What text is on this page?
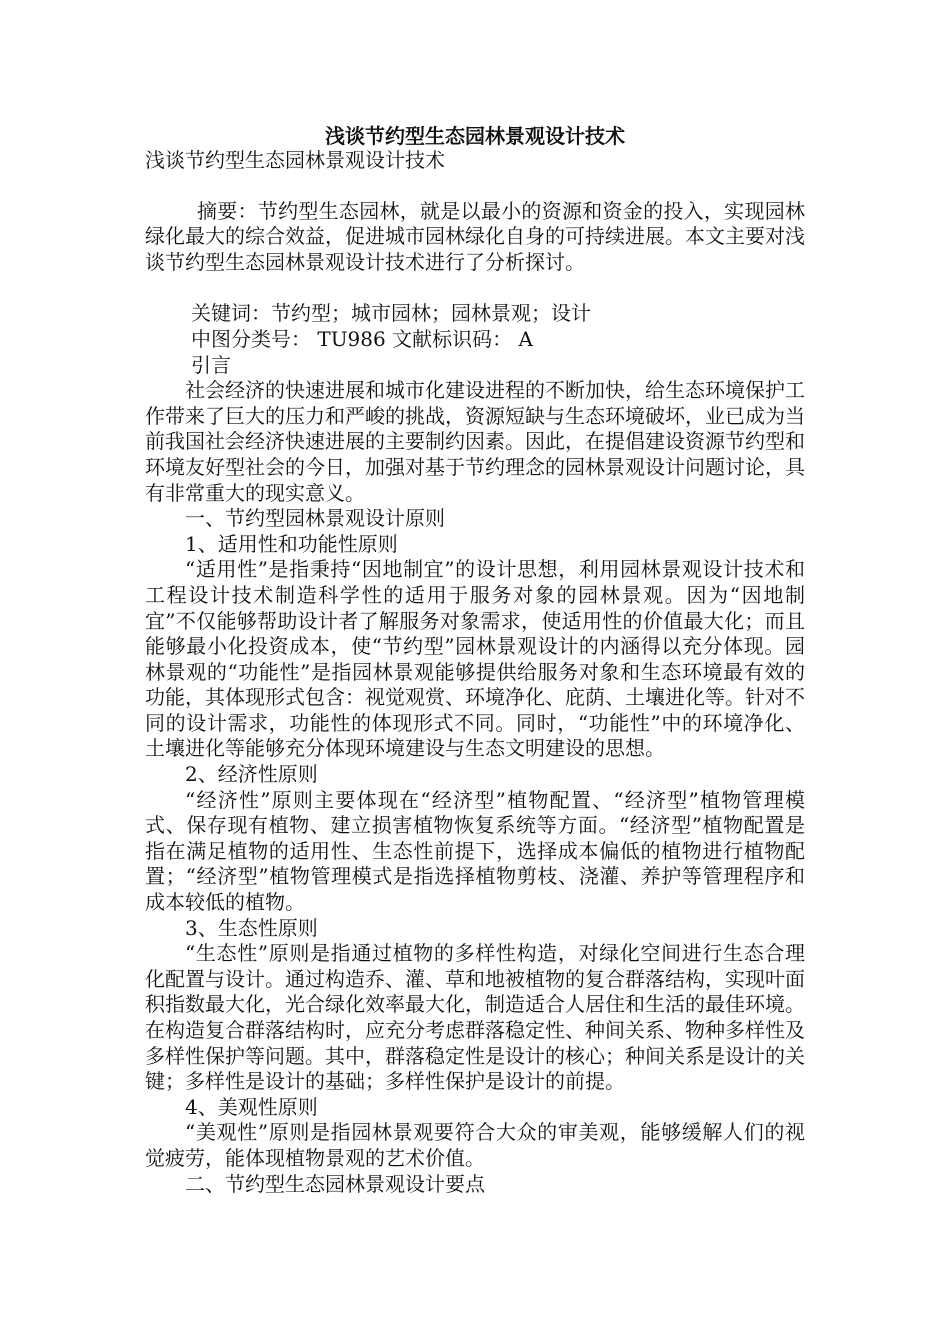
浅谈节约型生态园林景观设计技术

浅谈节约型生态园林景观设计技术

摘要：节约型生态园林，就是以最小的资源和资金的投入，实现园林绿化最大的综合效益，促进城市园林绿化自身的可持续进展。本文主要对浅谈节约型生态园林景观设计技术进行了分析探讨。

关键词：节约型；城市园林；园林景观；设计

中图分类号： TU986 文献标识码： A

引言

社会经济的快速进展和城市化建设进程的不断加快，给生态环境保护工作带来了巨大的压力和严峻的挑战，资源短缺与生态环境破坏，业已成为当前我国社会经济快速进展的主要制约因素。因此，在提倡建设资源节约型和环境友好型社会的今日，加强对基于节约理念的园林景观设计问题讨论，具有非常重大的现实意义。

一、节约型园林景观设计原则

1、适用性和功能性原则

“适用性”是指秉持“因地制宜”的设计思想，利用园林景观设计技术和工程设计技术制造科学性的适用于服务对象的园林景观。因为“因地制宜”不仅能够帮助设计者了解服务对象需求，使适用性的价值最大化；而且能够最小化投资成本，使“节约型”园林景观设计的内涵得以充分体现。园林景观的“功能性”是指园林景观能够提供给服务对象和生态环境最有效的功能，其体现形式包含：视觉观赏、环境净化、庇荫、土壤进化等。针对不同的设计需求，功能性的体现形式不同。同时，“功能性”中的环境净化、土壤进化等能够充分体现环境建设与生态文明建设的思想。

2、经济性原则

“经济性”原则主要体现在“经济型”植物配置、“经济型”植物管理模式、保存现有植物、建立损害植物恢复系统等方面。“经济型”植物配置是指在满足植物的适用性、生态性前提下，选择成本偏低的植物进行植物配置；“经济型”植物管理模式是指选择植物剪枝、浇灌、养护等管理程序和成本较低的植物。

3、生态性原则

“生态性”原则是指通过植物的多样性构造，对绿化空间进行生态合理化配置与设计。通过构造乔、灌、草和地被植物的复合群落结构，实现叶面积指数最大化，光合绿化效率最大化，制造适合人居住和生活的最佳环境。在构造复合群落结构时，应充分考虑群落稳定性、种间关系、物种多样性及多样性保护等问题。其中，群落稳定性是设计的核心；种间关系是设计的关键；多样性是设计的基础；多样性保护是设计的前提。

4、美观性原则

“美观性”原则是指园林景观要符合大众的审美观，能够缓解人们的视觉疲劳，能体现植物景观的艺术价值。

二、节约型生态园林景观设计要点
